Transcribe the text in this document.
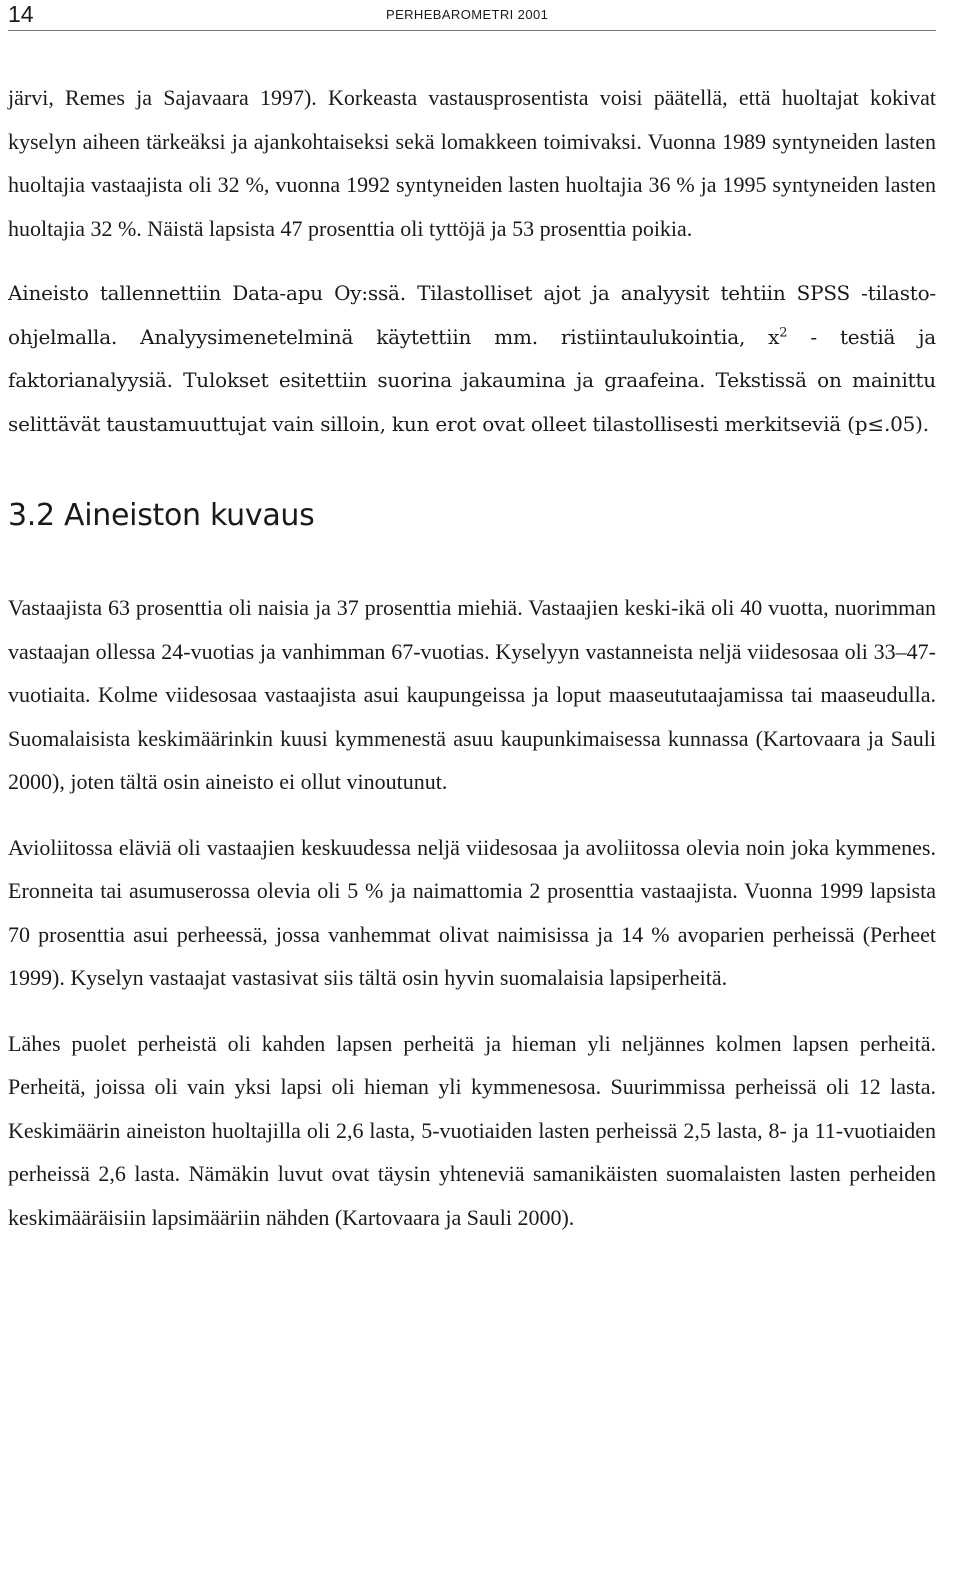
14	PERHEBAROMETRI 2001

järvi, Remes ja Sajavaara 1997). Korkeasta vastausprosentista voisi päätellä, että huoltajat kokivat kyselyn aiheen tärkeäksi ja ajankohtaiseksi sekä lomakkeen toimivaksi. Vuonna 1989 syntyneiden lasten huoltajia vastaajista oli 32 %, vuonna 1992 syntyneiden lasten huoltajia 36 % ja 1995 syntyneiden lasten huoltajia 32 %. Näistä lapsista 47 prosenttia oli tyttöjä ja 53 prosenttia poikia.

Aineisto tallennettiin Data-apu Oy:ssä. Tilastolliset ajot ja analyysit tehtiin SPSS -tilasto-ohjelmalla. Analyysimenetelminä käytettiin mm. ristiintaulukointia, $x^2$ - testiä ja faktorianalyysiä. Tulokset esitettiin suorina jakaumina ja graafeina. Tekstissä on mainittu selittävät taustamuuttujat vain silloin, kun erot ovat olleet tilastollisesti merkitseviä (p≤.05).

3.2 Aineiston kuvaus

Vastaajista 63 prosenttia oli naisia ja 37 prosenttia miehiä. Vastaajien keski-ikä oli 40 vuotta, nuorimman vastaajan ollessa 24-vuotias ja vanhimman 67-vuotias. Kyselyyn vastanneista neljä viidesosaa oli 33–47-vuotiaita. Kolme viidesosaa vastaajista asui kaupungeissa ja loput maaseututaajamissa tai maaseudulla. Suomalaisista keskimäärinkin kuusi kymmenestä asuu kaupunkimaisessa kunnassa (Kartovaara ja Sauli 2000), joten tältä osin aineisto ei ollut vinoutunut.

Avioliitossa eläviä oli vastaajien keskuudessa neljä viidesosaa ja avoliitossa olevia noin joka kymmenes. Eronneita tai asumuserossa olevia oli 5 % ja naimattomia 2 prosenttia vastaajista. Vuonna 1999 lapsista 70 prosenttia asui perheessä, jossa vanhemmat olivat naimisissa ja 14 % avoparien perheissä (Perheet 1999). Kyselyn vastaajat vastasivat siis tältä osin hyvin suomalaisia lapsiperheitä.

Lähes puolet perheistä oli kahden lapsen perheitä ja hieman yli neljännes kolmen lapsen perheitä. Perheitä, joissa oli vain yksi lapsi oli hieman yli kymmenesosa. Suurimmissa perheissä oli 12 lasta. Keskimäärin aineiston huoltajilla oli 2,6 lasta, 5-vuotiaiden lasten perheissä 2,5 lasta, 8- ja 11-vuotiaiden perheissä 2,6 lasta. Nämäkin luvut ovat täysin yhteneviä samanikäisten suomalaisten lasten perheiden keskimääräisiin lapsimääriin nähden (Kartovaara ja Sauli 2000).
